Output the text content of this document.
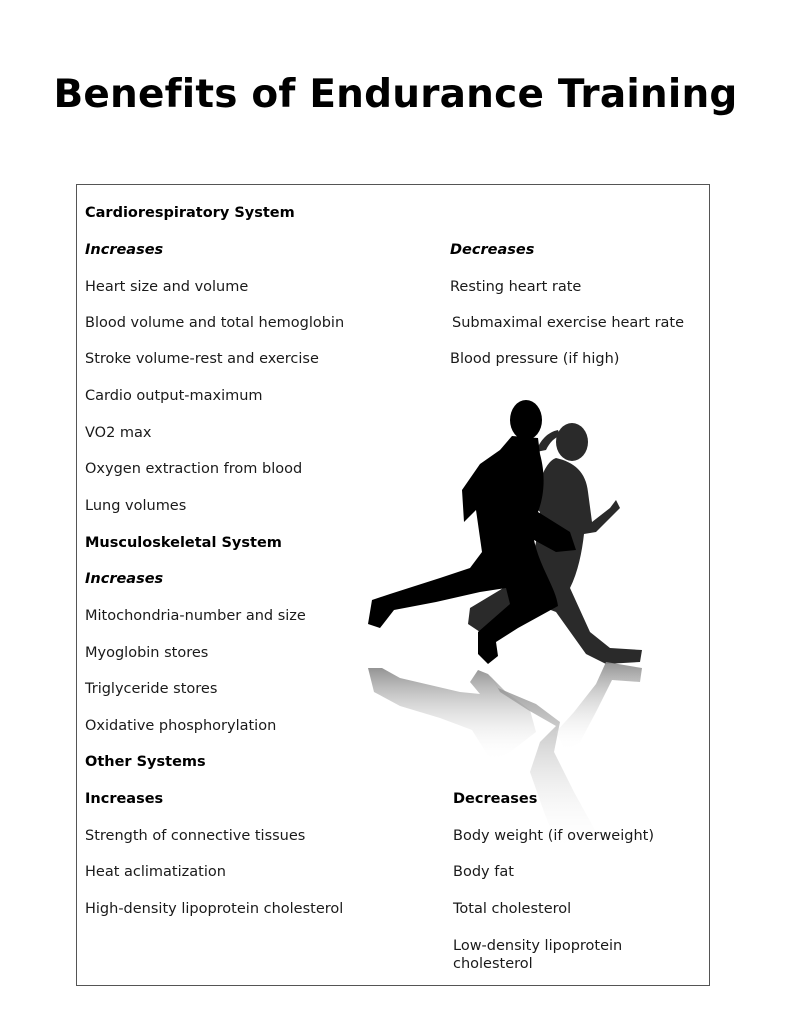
Benefits of Endurance Training
Cardiorespiratory System
Increases	Decreases
Heart size and volume
Blood volume and total hemoglobin
Stroke volume-rest and exercise
Cardio output-maximum
VO2 max
Oxygen extraction from blood
Lung volumes
Resting heart rate
Submaximal exercise heart rate
Blood pressure (if high)
Musculoskeletal System
Increases
Mitochondria-number and size
Myoglobin stores
Triglyceride stores
Oxidative phosphorylation
Other Systems
Increases	Decreases
Strength of connective tissues
Heat aclimatization
High-density lipoprotein cholesterol
Body weight (if overweight)
Body fat
Total cholesterol
Low-density lipoprotein cholesterol
